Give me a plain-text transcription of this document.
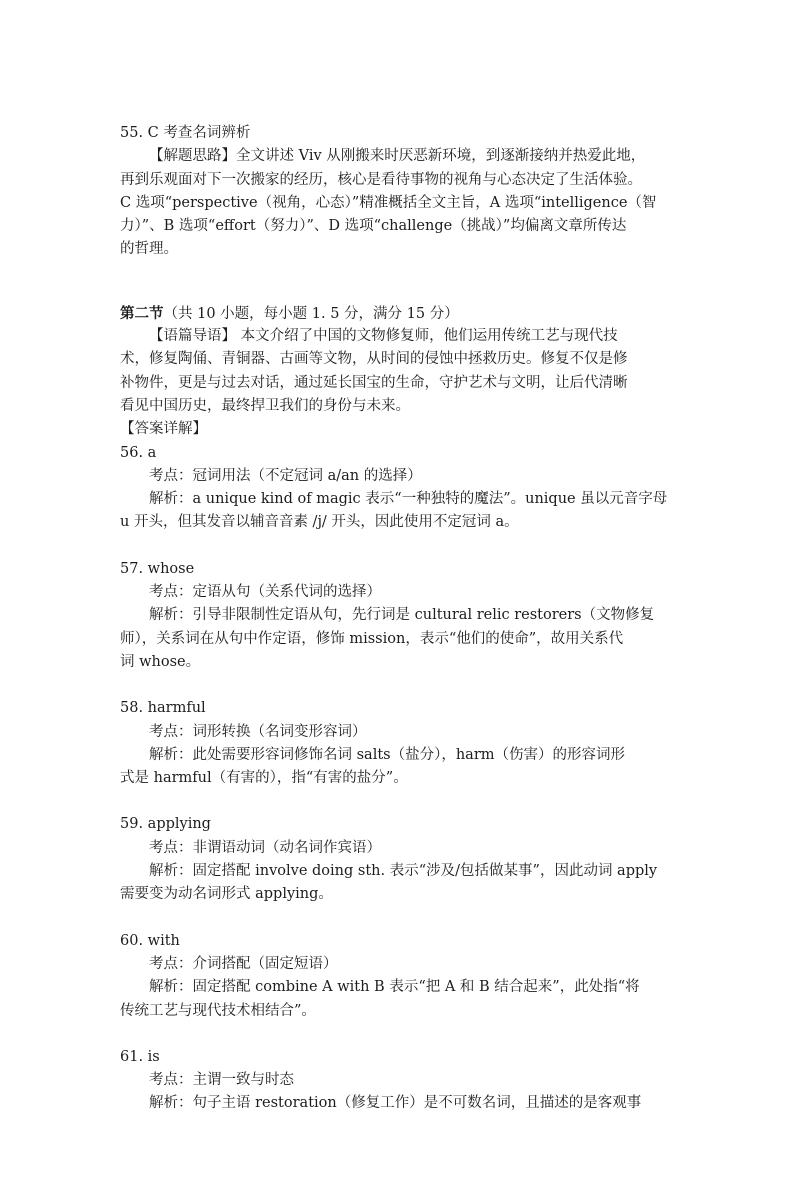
55. C 考查名词辨析
【解题思路】全文讲述 Viv 从刚搬来时厌恶新环境，到逐渐接纳并热爱此地，
再到乐观面对下一次搬家的经历，核心是看待事物的视角与心态决定了生活体验。
C 选项“perspective（视角，心态）”精准概括全文主旨，A 选项“intelligence（智
力）”、B 选项“effort（努力）”、D 选项“challenge（挑战）”均偏离文章所传达
的哲理。
第二节（共 10 小题，每小题 1. 5 分，满分 15 分）
【语篇导语】 本文介绍了中国的文物修复师，他们运用传统工艺与现代技
术，修复陶俑、青铜器、古画等文物，从时间的侵蚀中拯救历史。修复不仅是修
补物件，更是与过去对话，通过延长国宝的生命，守护艺术与文明，让后代清晰
看见中国历史，最终捍卫我们的身份与未来。
【答案详解】
56. a
考点：冠词用法（不定冠词 a/an 的选择）
解析：a unique kind of magic 表示“一种独特的魔法”。unique 虽以元音字母
u 开头，但其发音以辅音音素 /j/ 开头，因此使用不定冠词 a。
57. whose
考点：定语从句（关系代词的选择）
解析：引导非限制性定语从句，先行词是 cultural relic restorers（文物修复
师），关系词在从句中作定语，修饰 mission，表示“他们的使命”，故用关系代
词 whose。
58. harmful
考点：词形转换（名词变形容词）
解析：此处需要形容词修饰名词 salts（盐分），harm（伤害）的形容词形
式是 harmful（有害的），指“有害的盐分”。
59. applying
考点：非谓语动词（动名词作宾语）
解析：固定搭配 involve doing sth. 表示“涉及/包括做某事”，因此动词 apply
需要变为动名词形式 applying。
60. with
考点：介词搭配（固定短语）
解析：固定搭配 combine A with B 表示“把 A 和 B 结合起来”，此处指“将
传统工艺与现代技术相结合”。
61. is
考点：主谓一致与时态
解析：句子主语 restoration（修复工作）是不可数名词，且描述的是客观事
